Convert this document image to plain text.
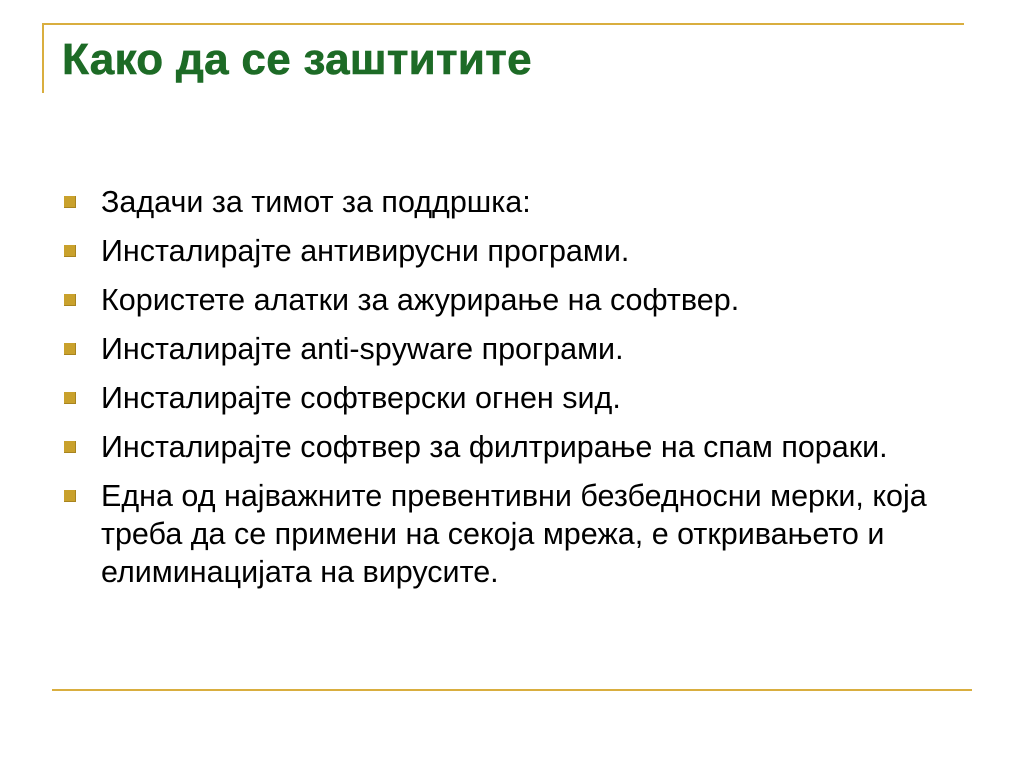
Како да се заштитите
Задачи за тимот за поддршка:
Инсталирајте антивирусни програми.
Користете алатки за ажурирање на софтвер.
Инсталирајте anti-spyware програми.
Инсталирајте софтверски огнен ѕид.
Инсталирајте софтвер за филтрирање на спам пораки.
Една од најважните превентивни безбедносни мерки, која треба да се примени на секоја мрежа, е откривањето и елиминацијата на вирусите.
